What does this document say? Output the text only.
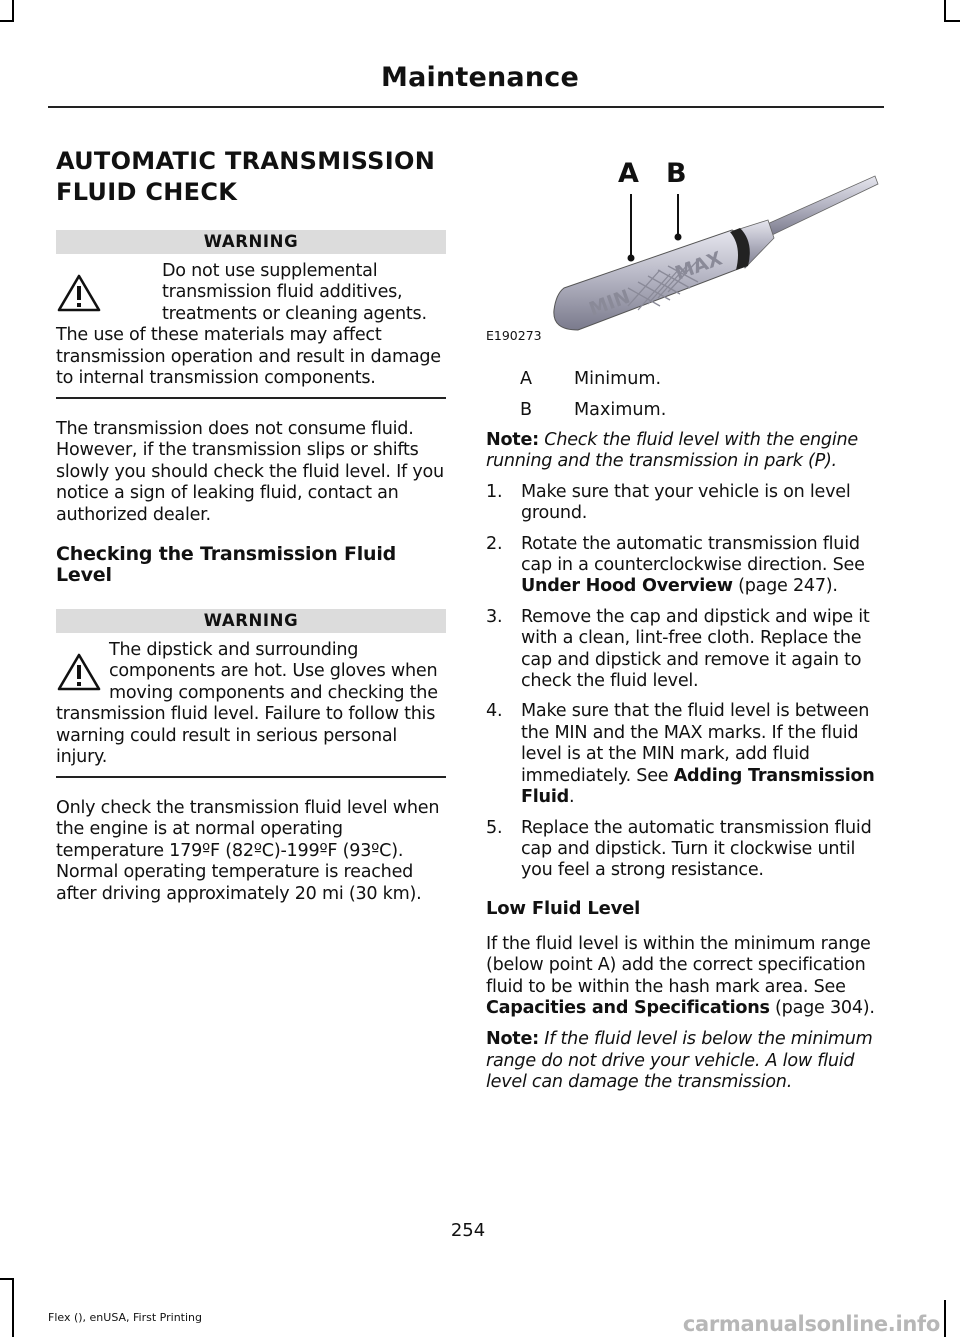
Maintenance
AUTOMATIC TRANSMISSION
FLUID CHECK
WARNING

Do not use supplemental transmission fluid additives, treatments or cleaning agents. The use of these materials may affect transmission operation and result in damage to internal transmission components.

The transmission does not consume fluid. However, if the transmission slips or shifts slowly you should check the fluid level. If you notice a sign of leaking fluid, contact an authorized dealer.

Checking the Transmission Fluid Level
WARNING
The dipstick and surrounding components are hot. Use gloves when moving components and checking the transmission fluid level. Failure to follow this warning could result in serious personal injury.

Only check the transmission fluid level when the engine is at normal operating temperature 179ºF (82ºC)-199ºF (93ºC). Normal operating temperature is reached after driving approximately 20 mi (30 km).

A B
MIN
MAX
E190273
A Minimum.
B Maximum.

Note: Check the fluid level with the engine running and the transmission in park (P).

1. Make sure that your vehicle is on level ground.
2. Rotate the automatic transmission fluid cap in a counterclockwise direction. See Under Hood Overview (page 247).
3. Remove the cap and dipstick and wipe it with a clean, lint-free cloth. Replace the cap and dipstick and remove it again to check the fluid level.
4. Make sure that the fluid level is between the MIN and the MAX marks. If the fluid level is at the MIN mark, add fluid immediately. See Adding Transmission Fluid.
5. Replace the automatic transmission fluid cap and dipstick. Turn it clockwise until you feel a strong resistance.
Low Fluid Level

If the fluid level is within the minimum range (below point A) add the correct specification fluid to be within the hash mark area. See Capacities and Specifications (page 304).

Note: If the fluid level is below the minimum range do not drive your vehicle. A low fluid level can damage the transmission.

254
Flex (), enUSA, First Printing	carmanualsonline.info
